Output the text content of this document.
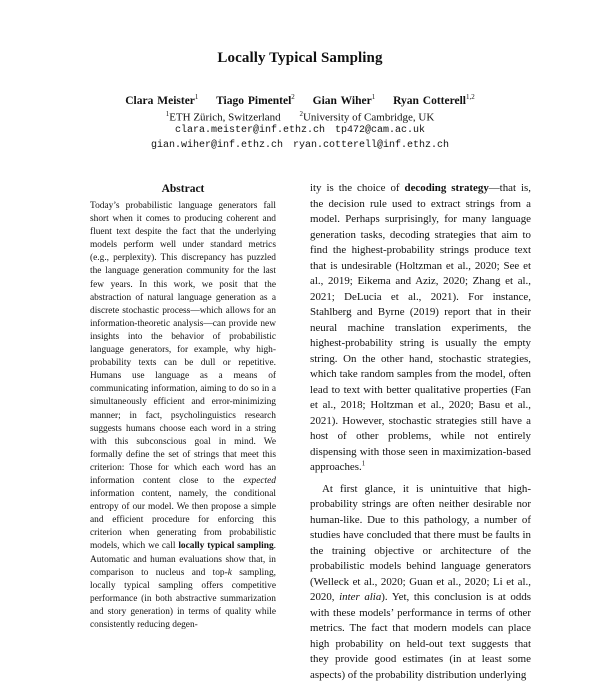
Locally Typical Sampling
Clara Meister$^1$ Tiago Pimentel$^2$ Gian Wiher$^1$ Ryan Cotterell$^{1,2}$
$^1$ETH Zürich, Switzerland	$^2$University of Cambridge, UK
clara.meister@inf.ethz.ch tp472@cam.ac.uk
gian.wiher@inf.ethz.ch ryan.cotterell@inf.ethz.ch
Abstract

Today’s probabilistic language generators fall short when it comes to producing coherent and fluent text despite the fact that the underlying models perform well under standard metrics (e.g., perplexity). This discrepancy has puzzled the language generation community for the last few years. In this work, we posit that the abstraction of natural language generation as a discrete stochastic process—which allows for an information-theoretic analysis—can provide new insights into the behavior of probabilistic language generators, for example, why high-probability texts can be dull or repetitive. Humans use language as a means of communicating information, aiming to do so in a simultaneously efficient and error-minimizing manner; in fact, psycholinguistics research suggests humans choose each word in a string with this subconscious goal in mind. We formally define the set of strings that meet this criterion: Those for which each word has an information content close to the expected information content, namely, the conditional entropy of our model. We then propose a simple and efficient procedure for enforcing this criterion when generating from probabilistic models, which we call locally typical sampling. Automatic and human evaluations show that, in comparison to nucleus and top-k sampling, locally typical sampling offers competitive performance (in both abstractive summarization and story generation) in terms of quality while consistently reducing degen-

ity is the choice of decoding strategy—that is, the decision rule used to extract strings from a model. Perhaps surprisingly, for many language generation tasks, decoding strategies that aim to find the highest-probability strings produce text that is undesirable (Holtzman et al., 2020; See et al., 2019; Eikema and Aziz, 2020; Zhang et al., 2021; DeLucia et al., 2021). For instance, Stahlberg and Byrne (2019) report that in their neural machine translation experiments, the highest-probability string is usually the empty string. On the other hand, stochastic strategies, which take random samples from the model, often lead to text with better qualitative properties (Fan et al., 2018; Holtzman et al., 2020; Basu et al., 2021). However, stochastic strategies still have a host of other problems, while not entirely dispensing with those seen in maximization-based approaches.$^1$

At first glance, it is unintuitive that high-probability strings are often neither desirable nor human-like. Due to this pathology, a number of studies have concluded that there must be faults in the training objective or architecture of the probabilistic models behind language generators (Welleck et al., 2020; Guan et al., 2020; Li et al., 2020, inter alia). Yet, this conclusion is at odds with these models’ performance in terms of other metrics. The fact that modern models can place high probability on held-out text suggests that they provide good estimates (in at least some aspects) of the probability distribution underlying
